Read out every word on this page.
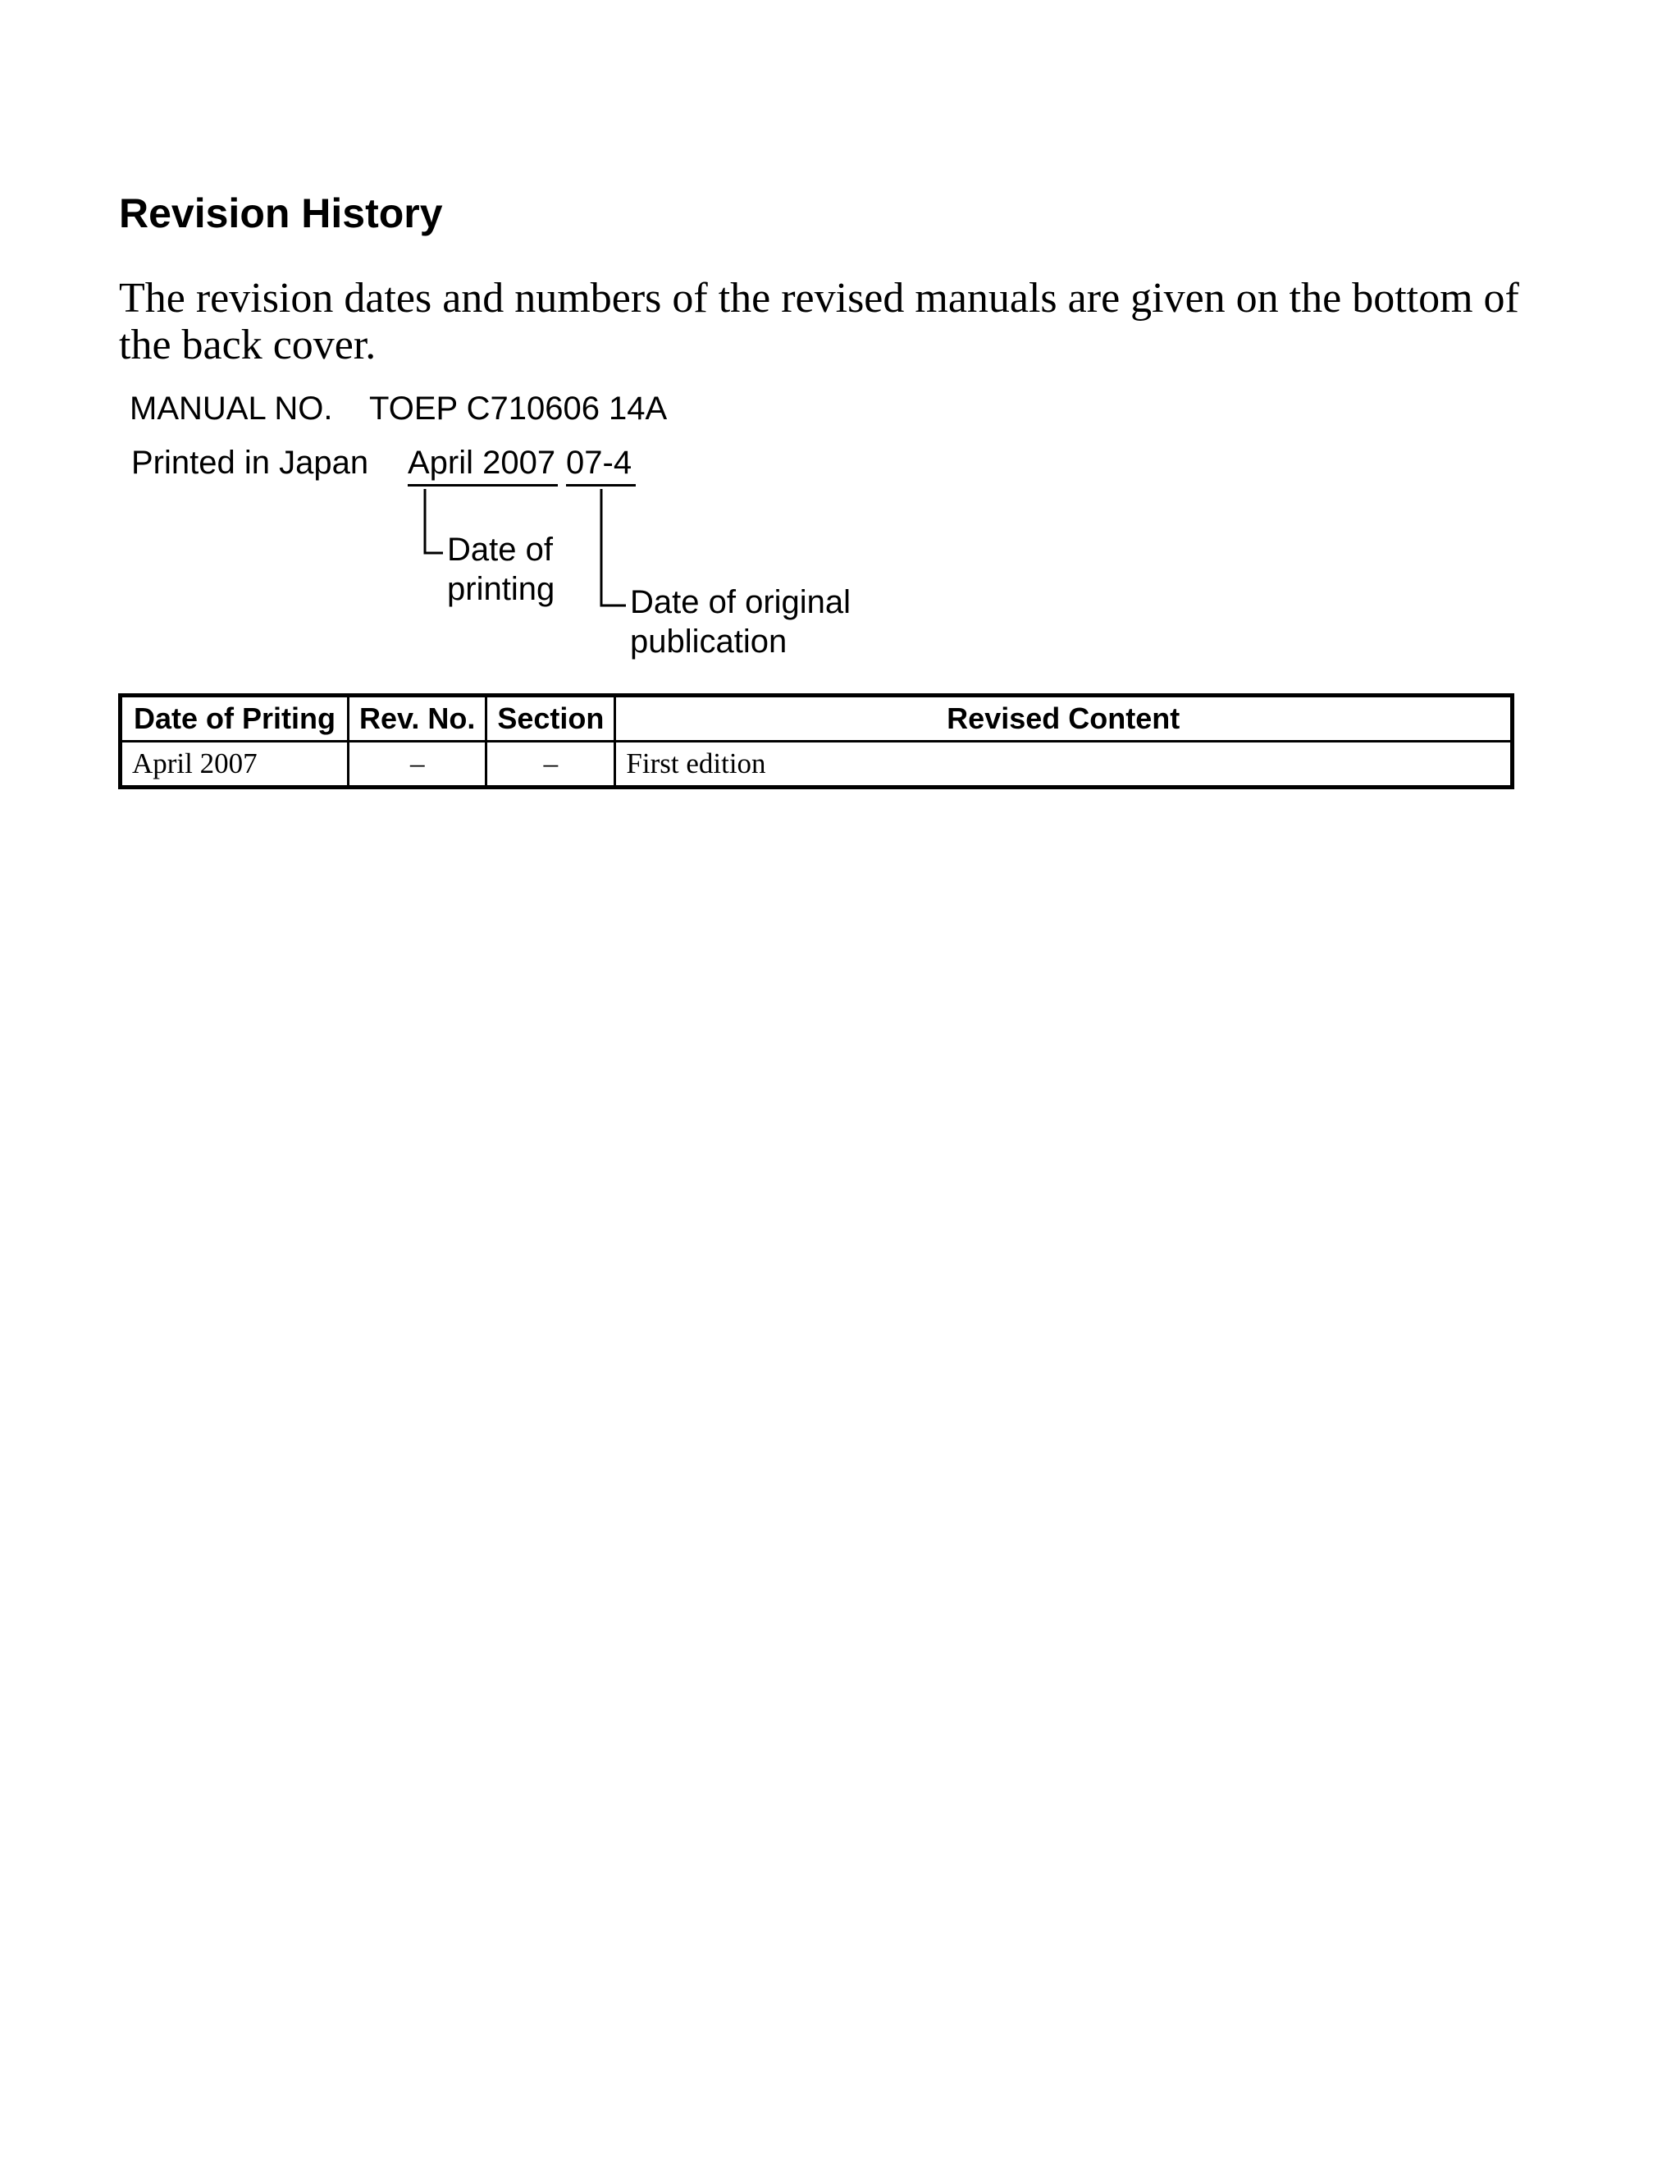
Revision History
The revision dates and numbers of the revised manuals are given on the bottom of the back cover.
MANUAL NO. TOEP C710606 14A
Printed in Japan April 2007 07-4
Date of printing	Date of original publication
Date of Priting	Rev. No.	Section	Revised Content
April 2007	–	–	First edition
